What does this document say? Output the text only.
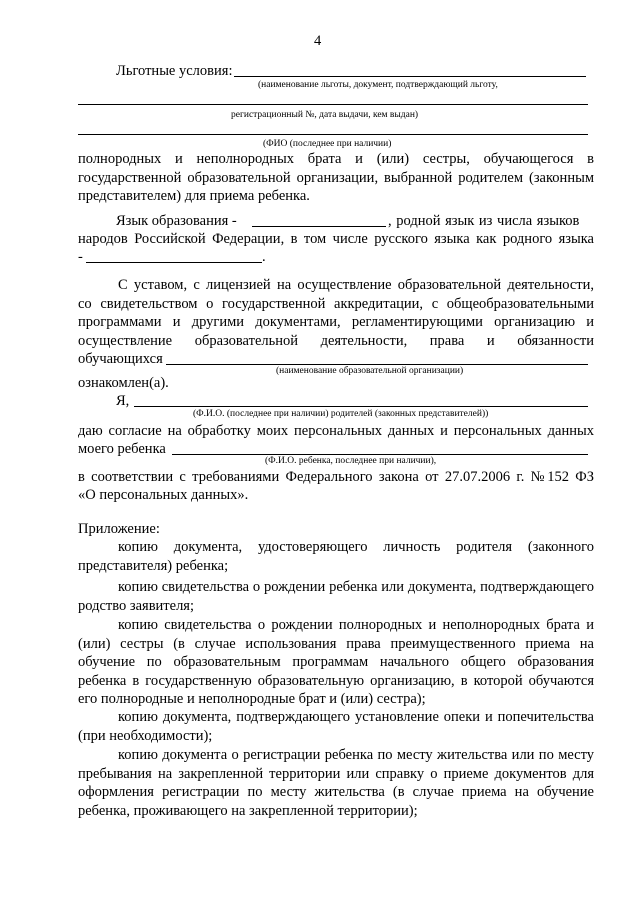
4
Льготные условия:
(наименование льготы, документ, подтверждающий льготу,
регистрационный №, дата выдачи, кем выдан)
(ФИО (последнее при наличии)

полнородных и неполнородных брата и (или) сестры, обучающегося в государственной образовательной организации, выбранной родителем (законным представителем) для приема ребенка.

Язык образования -	, родной язык из числа языков
народов Российской Федерации, в том числе русского языка как родного языка
-	.

С уставом, с лицензией на осуществление образовательной деятельности,

со свидетельством о государственной аккредитации, с общеобразовательными

программами и другими документами, регламентирующими организацию и

осуществление образовательной деятельности, права и обязанности

обучающихся
(наименование образовательной организации)
ознакомлен(а).
Я,
(Ф.И.О. (последнее при наличии) родителей (законных представителей))
даю согласие на обработку моих персональных данных и персональных данных
моего ребенка
(Ф.И.О. ребенка, последнее при наличии),
в соответствии с требованиями Федерального закона от 27.07.2006 г. №152 ФЗ
«О персональных данных».
Приложение:

копию документа, удостоверяющего личность родителя (законного представителя) ребенка;

копию свидетельства о рождении ребенка или документа, подтверждающего родство заявителя;

копию свидетельства о рождении полнородных и неполнородных брата и (или) сестры (в случае использования права преимущественного приема на обучение по образовательным программам начального общего образования ребенка в государственную образовательную организацию, в которой обучаются его полнородные и неполнородные брат и (или) сестра);

копию документа, подтверждающего установление опеки и попечительства (при необходимости);

копию документа о регистрации ребенка по месту жительства или по месту пребывания на закрепленной территории или справку о приеме документов для оформления регистрации по месту жительства (в случае приема на обучение ребенка, проживающего на закрепленной территории);
